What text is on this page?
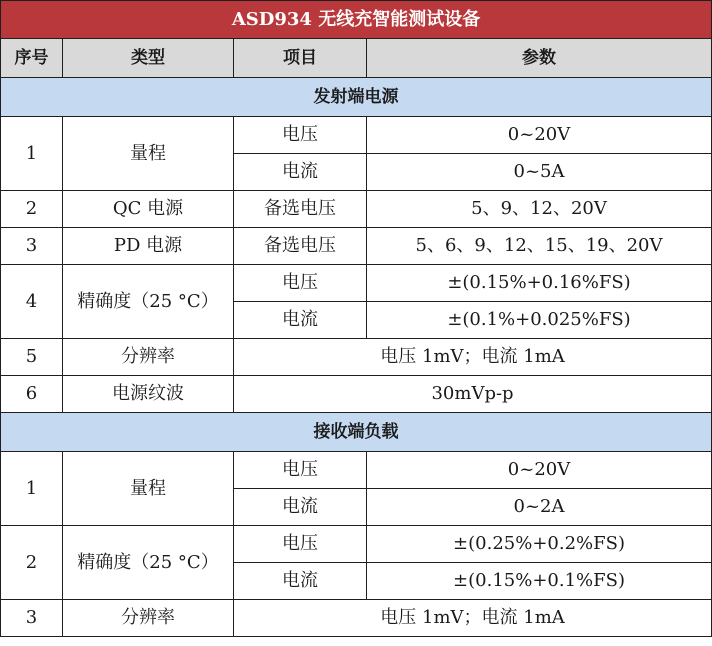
ASD934 无线充智能测试设备			
序号	类型	项目	参数
发射端电源			
1	量程	电压	0~20V
		电流	0~5A
2	QC 电源	备选电压	5、9、12、20V
3	PD 电源	备选电压	5、6、9、12、15、19、20V
4	精确度（25 °C）	电压	±(0.15%+0.16%FS)
		电流	±(0.1%+0.025%FS)
5	分辨率	电压 1mV；电流 1mA	
6	电源纹波	30mVp-p	
接收端负载			
1	量程	电压	0~20V
		电流	0~2A
2	精确度（25 °C）	电压	±(0.25%+0.2%FS)
		电流	±(0.15%+0.1%FS)
3	分辨率	电压 1mV；电流 1mA	
